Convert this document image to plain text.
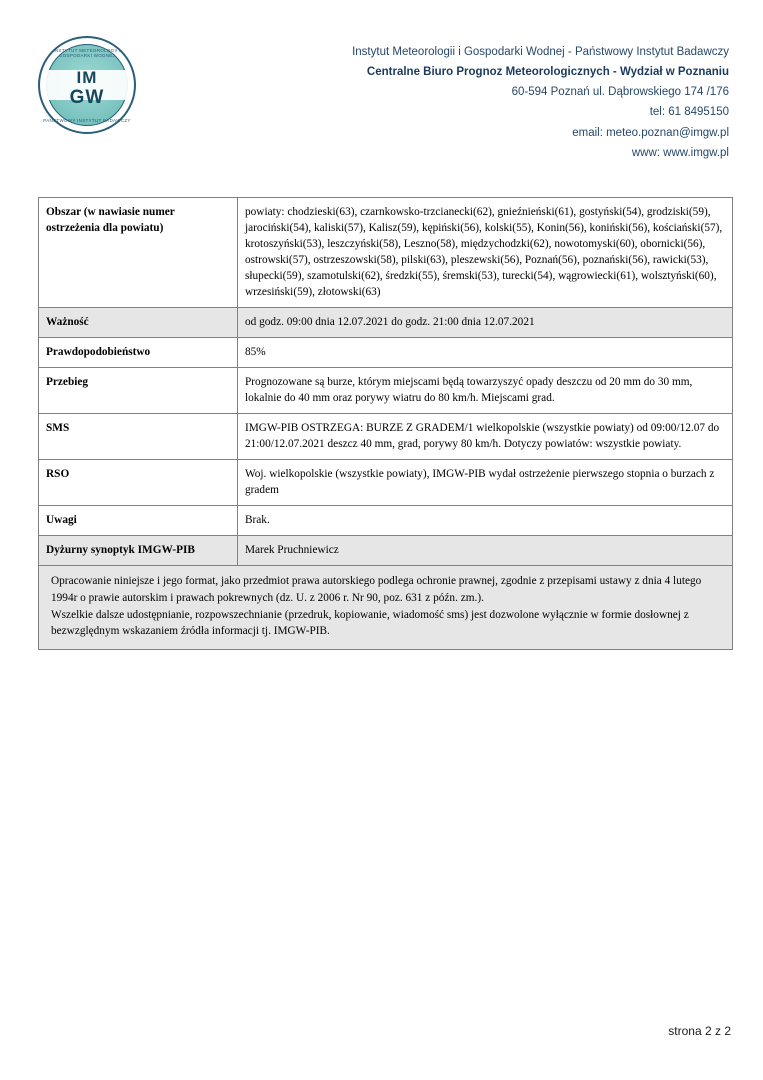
INSTYTUT METEOROLOGII I GOSPODARKI WODNEJ
IM
GW
PAŃSTWOWY INSTYTUT BADAWCZY
Instytut Meteorologii i Gospodarki Wodnej - Państwowy Instytut Badawczy
Centralne Biuro Prognoz Meteorologicznych - Wydział w Poznaniu
60-594 Poznań ul. Dąbrowskiego 174 /176
tel: 61 8495150
email: meteo.poznan@imgw.pl
www: www.imgw.pl
Obszar (w nawiasie numer ostrzeżenia dla powiatu)	powiaty: chodzieski(63), czarnkowsko-trzcianecki(62), gnieźnieński(61), gostyński(54), grodziski(59), jarociński(54), kaliski(57), Kalisz(59), kępiński(56), kolski(55), Konin(56), koniński(56), kościański(57), krotoszyński(53), leszczyński(58), Leszno(58), międzychodzki(62), nowotomyski(60), obornicki(56), ostrowski(57), ostrzeszowski(58), pilski(63), pleszewski(56), Poznań(56), poznański(56), rawicki(53), słupecki(59), szamotulski(62), średzki(55), śremski(53), turecki(54), wągrowiecki(61), wolsztyński(60), wrzesiński(59), złotowski(63)
Ważność	od godz. 09:00 dnia 12.07.2021 do godz. 21:00 dnia 12.07.2021
Prawdopodobieństwo	85%
Przebieg	Prognozowane są burze, którym miejscami będą towarzyszyć opady deszczu od 20 mm do 30 mm, lokalnie do 40 mm oraz porywy wiatru do 80 km/h. Miejscami grad.
SMS	IMGW-PIB OSTRZEGA: BURZE Z GRADEM/1 wielkopolskie (wszystkie powiaty) od 09:00/12.07 do 21:00/12.07.2021 deszcz 40 mm, grad, porywy 80 km/h. Dotyczy powiatów: wszystkie powiaty.
RSO	Woj. wielkopolskie (wszystkie powiaty), IMGW-PIB wydał ostrzeżenie pierwszego stopnia o burzach z gradem
Uwagi	Brak.
Dyżurny synoptyk IMGW-PIB	Marek Pruchniewicz

Opracowanie niniejsze i jego format, jako przedmiot prawa autorskiego podlega ochronie prawnej, zgodnie z przepisami ustawy z dnia 4 lutego 1994r o prawie autorskim i prawach pokrewnych (dz. U. z 2006 r. Nr 90, poz. 631 z późn. zm.).

Wszelkie dalsze udostępnianie, rozpowszechnianie (przedruk, kopiowanie, wiadomość sms) jest dozwolone wyłącznie w formie dosłownej z bezwzględnym wskazaniem źródła informacji tj. IMGW-PIB.

strona 2 z 2
